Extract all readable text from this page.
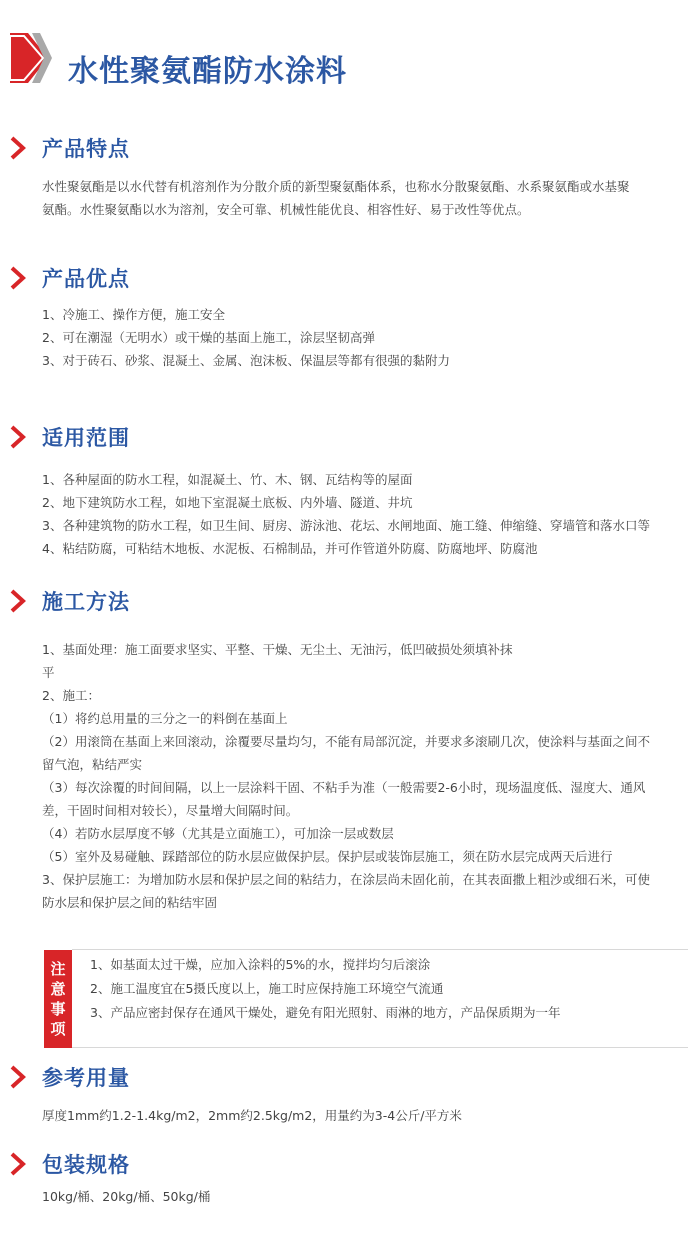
水性聚氨酯防水涂料
产品特点
水性聚氨酯是以水代替有机溶剂作为分散介质的新型聚氨酯体系，也称水分散聚氨酯、水系聚氨酯或水基聚
氨酯。水性聚氨酯以水为溶剂，安全可靠、机械性能优良、相容性好、易于改性等优点。
产品优点
1、冷施工、操作方便，施工安全
2、可在潮湿（无明水）或干燥的基面上施工，涂层坚韧高弹
3、对于砖石、砂浆、混凝土、金属、泡沫板、保温层等都有很强的黏附力
适用范围
1、各种屋面的防水工程，如混凝土、竹、木、钢、瓦结构等的屋面
2、地下建筑防水工程，如地下室混凝土底板、内外墙、隧道、井坑
3、各种建筑物的防水工程，如卫生间、厨房、游泳池、花坛、水闸地面、施工缝、伸缩缝、穿墙管和落水口等
4、粘结防腐，可粘结木地板、水泥板、石棉制品，并可作管道外防腐、防腐地坪、防腐池
施工方法
1、基面处理：施工面要求坚实、平整、干燥、无尘土、无油污，低凹破损处须填补抹
平
2、施工：
（1）将约总用量的三分之一的料倒在基面上
（2）用滚筒在基面上来回滚动，涂覆要尽量均匀，不能有局部沉淀，并要求多滚刷几次，使涂料与基面之间不
留气泡，粘结严实
（3）每次涂覆的时间间隔，以上一层涂料干固、不粘手为准（一般需要2-6小时，现场温度低、湿度大、通风
差，干固时间相对较长），尽量增大间隔时间。
（4）若防水层厚度不够（尤其是立面施工），可加涂一层或数层
（5）室外及易碰触、踩踏部位的防水层应做保护层。保护层或装饰层施工，须在防水层完成两天后进行
3、保护层施工：为增加防水层和保护层之间的粘结力，在涂层尚未固化前，在其表面撒上粗沙或细石米，可使
防水层和保护层之间的粘结牢固
注
意
事
项
1、如基面太过干燥，应加入涂料的5%的水，搅拌均匀后滚涂
2、施工温度宜在5摄氏度以上，施工时应保持施工环境空气流通
3、产品应密封保存在通风干燥处，避免有阳光照射、雨淋的地方，产品保质期为一年
参考用量
厚度1mm约1.2-1.4kg/m2，2mm约2.5kg/m2，用量约为3-4公斤/平方米
包装规格
10kg/桶、20kg/桶、50kg/桶
